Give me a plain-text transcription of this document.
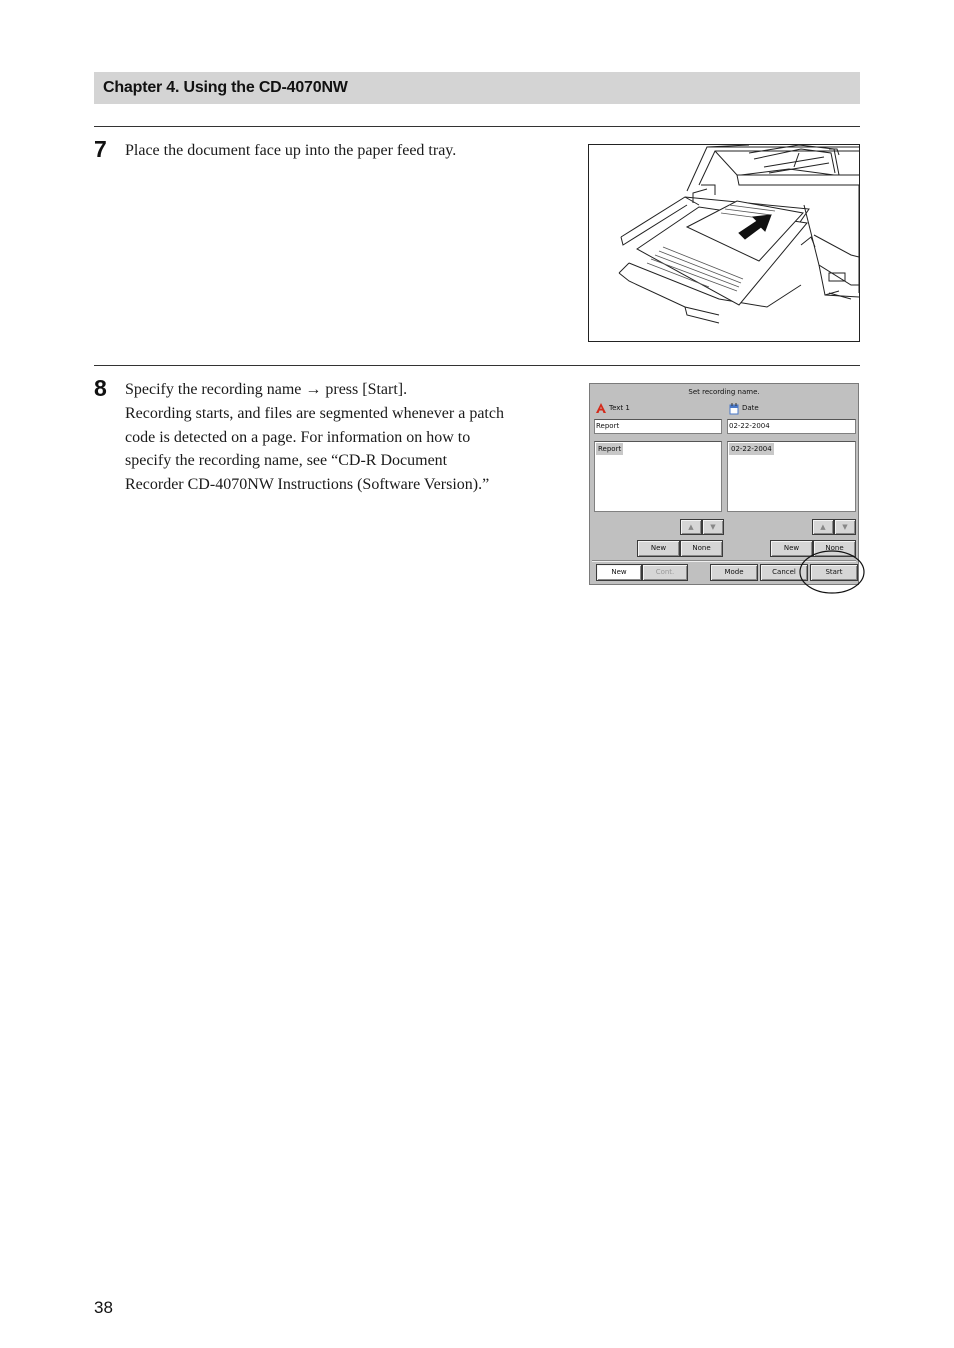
Chapter 4. Using the CD-4070NW
7 Place the document face up into the paper feed tray.

8 Specify the recording name → press [Start].

Recording starts, and files are segmented whenever a patch

code is detected on a page. For information on how to

specify the recording name, see “CD-R Document

Recorder CD-4070NW Instructions (Software Version).”

Set recording name.
Text 1
Report
Report
▲	▼
New	None
Date
02-22-2004
02-22-2004
▲	▼
New	None
New	Cont.	Mode	Cancel	Start
38
